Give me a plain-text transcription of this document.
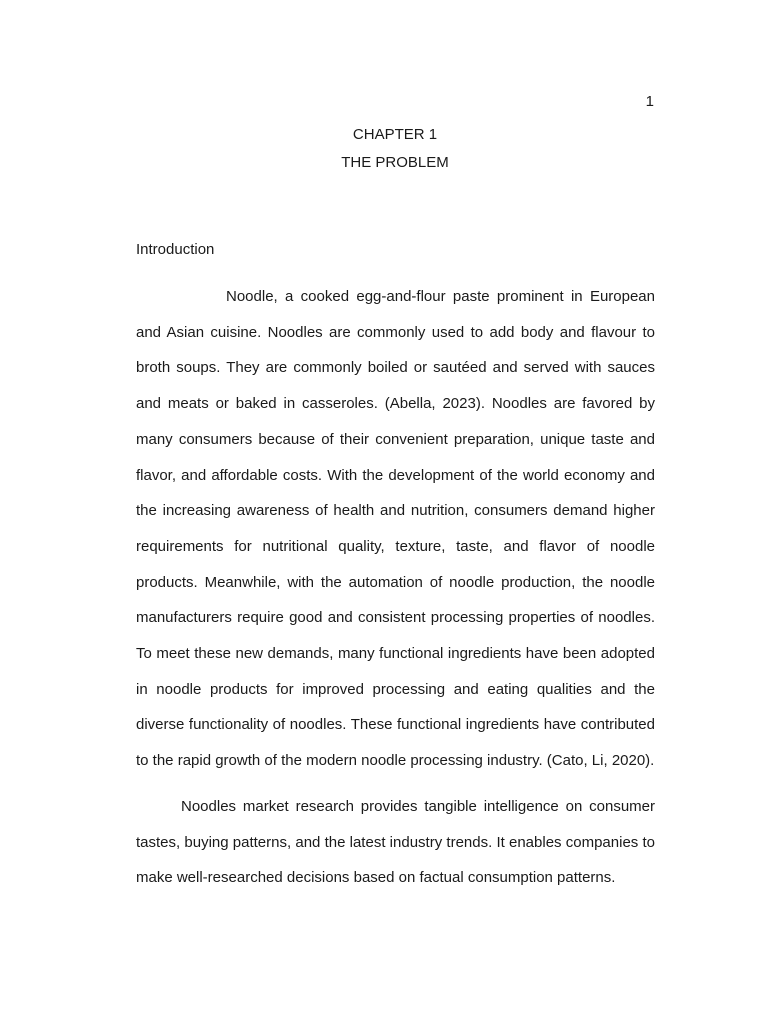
1
CHAPTER 1
THE PROBLEM
Introduction

Noodle, a cooked egg-and-flour paste prominent in European and Asian cuisine. Noodles are commonly used to add body and flavour to broth soups. They are commonly boiled or sautéed and served with sauces and meats or baked in casseroles. (Abella, 2023). Noodles are favored by many consumers because of their convenient preparation, unique taste and flavor, and affordable costs. With the development of the world economy and the increasing awareness of health and nutrition, consumers demand higher requirements for nutritional quality, texture, taste, and flavor of noodle products. Meanwhile, with the automation of noodle production, the noodle manufacturers require good and consistent processing properties of noodles. To meet these new demands, many functional ingredients have been adopted in noodle products for improved processing and eating qualities and the diverse functionality of noodles. These functional ingredients have contributed to the rapid growth of the modern noodle processing industry. (Cato, Li, 2020).

Noodles market research provides tangible intelligence on consumer tastes, buying patterns, and the latest industry trends. It enables companies to make well-researched decisions based on factual consumption patterns.
